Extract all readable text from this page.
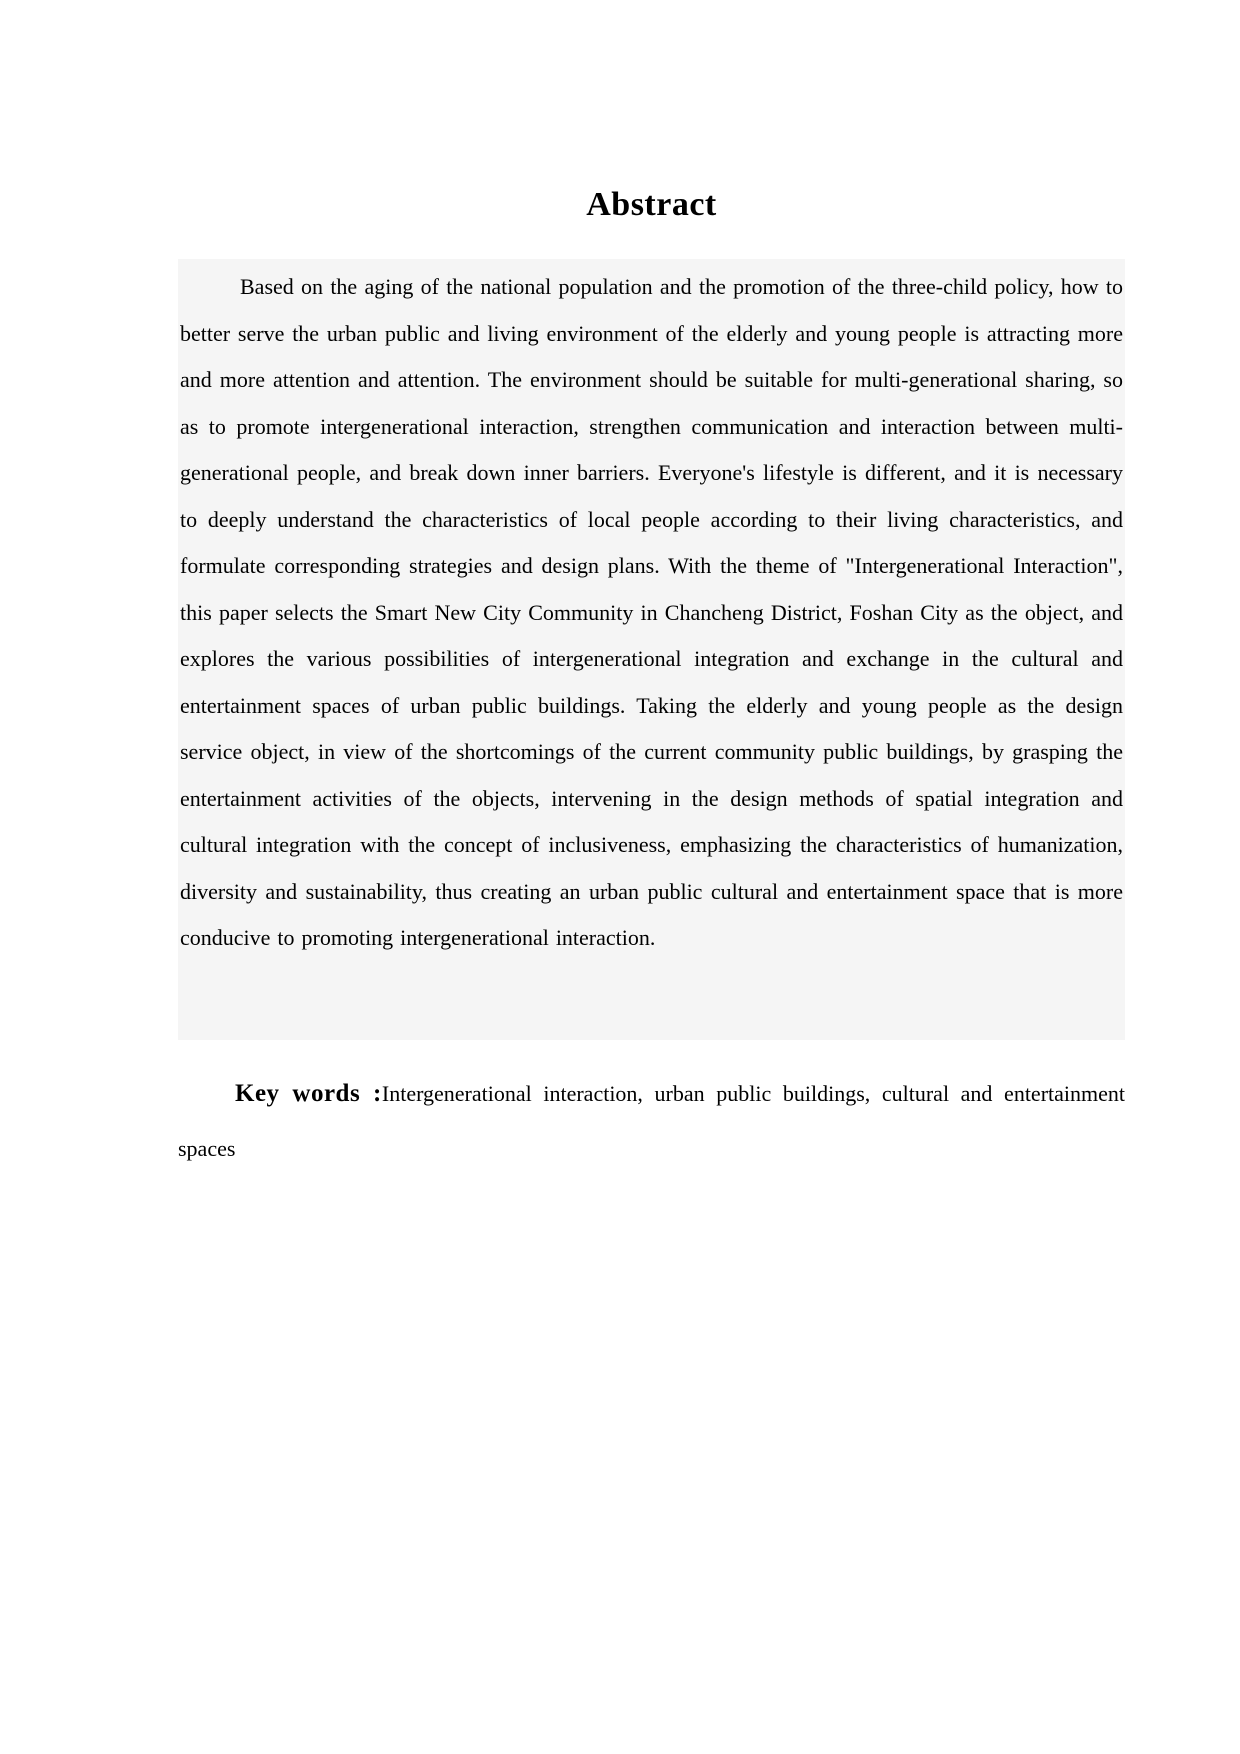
Abstract

Based on the aging of the national population and the promotion of the three-child policy, how to better serve the urban public and living environment of the elderly and young people is attracting more and more attention and attention. The environment should be suitable for multi-generational sharing, so as to promote intergenerational interaction, strengthen communication and interaction between multi-generational people, and break down inner barriers. Everyone's lifestyle is different, and it is necessary to deeply understand the characteristics of local people according to their living characteristics, and formulate corresponding strategies and design plans. With the theme of "Intergenerational Interaction", this paper selects the Smart New City Community in Chancheng District, Foshan City as the object, and explores the various possibilities of intergenerational integration and exchange in the cultural and entertainment spaces of urban public buildings. Taking the elderly and young people as the design service object, in view of the shortcomings of the current community public buildings, by grasping the entertainment activities of the objects, intervening in the design methods of spatial integration and cultural integration with the concept of inclusiveness, emphasizing the characteristics of humanization, diversity and sustainability, thus creating an urban public cultural and entertainment space that is more conducive to promoting intergenerational interaction.

Key words :Intergenerational interaction, urban public buildings, cultural and entertainment spaces
